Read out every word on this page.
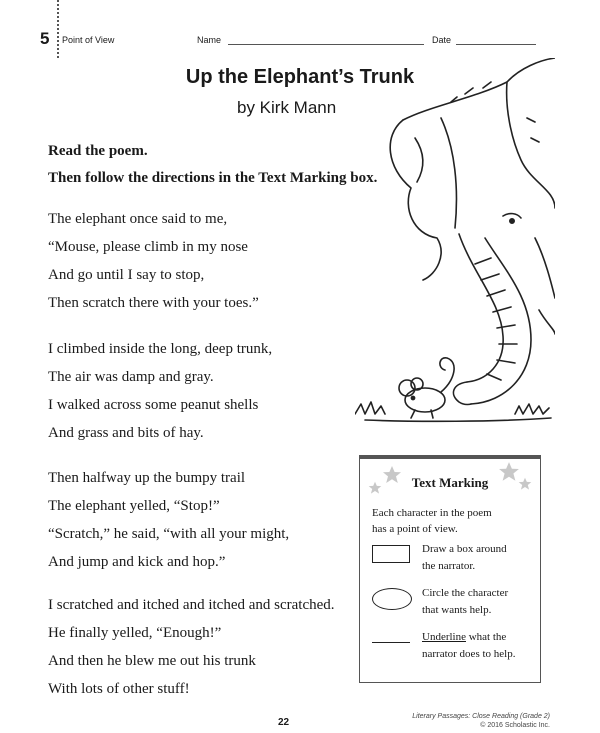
5 Point of View	Name	Date
Up the Elephant’s Trunk
by Kirk Mann
Read the poem.
Then follow the directions in the Text Marking box.
The elephant once said to me,
“Mouse, please climb in my nose
And go until I say to stop,
Then scratch there with your toes.”
I climbed inside the long, deep trunk,
The air was damp and gray.
I walked across some peanut shells
And grass and bits of hay.
Then halfway up the bumpy trail
The elephant yelled, “Stop!”
“Scratch,” he said, “with all your might,
And jump and kick and hop.”
I scratched and itched and itched and scratched.
He finally yelled, “Enough!”
And then he blew me out his trunk
With lots of other stuff!
Text Marking
Each character in the poem
has a point of view.
Draw a box around
the narrator.
Circle the character
that wants help.
Underline what the
narrator does to help.
22
Literary Passages: Close Reading (Grade 2)
© 2016 Scholastic Inc.
